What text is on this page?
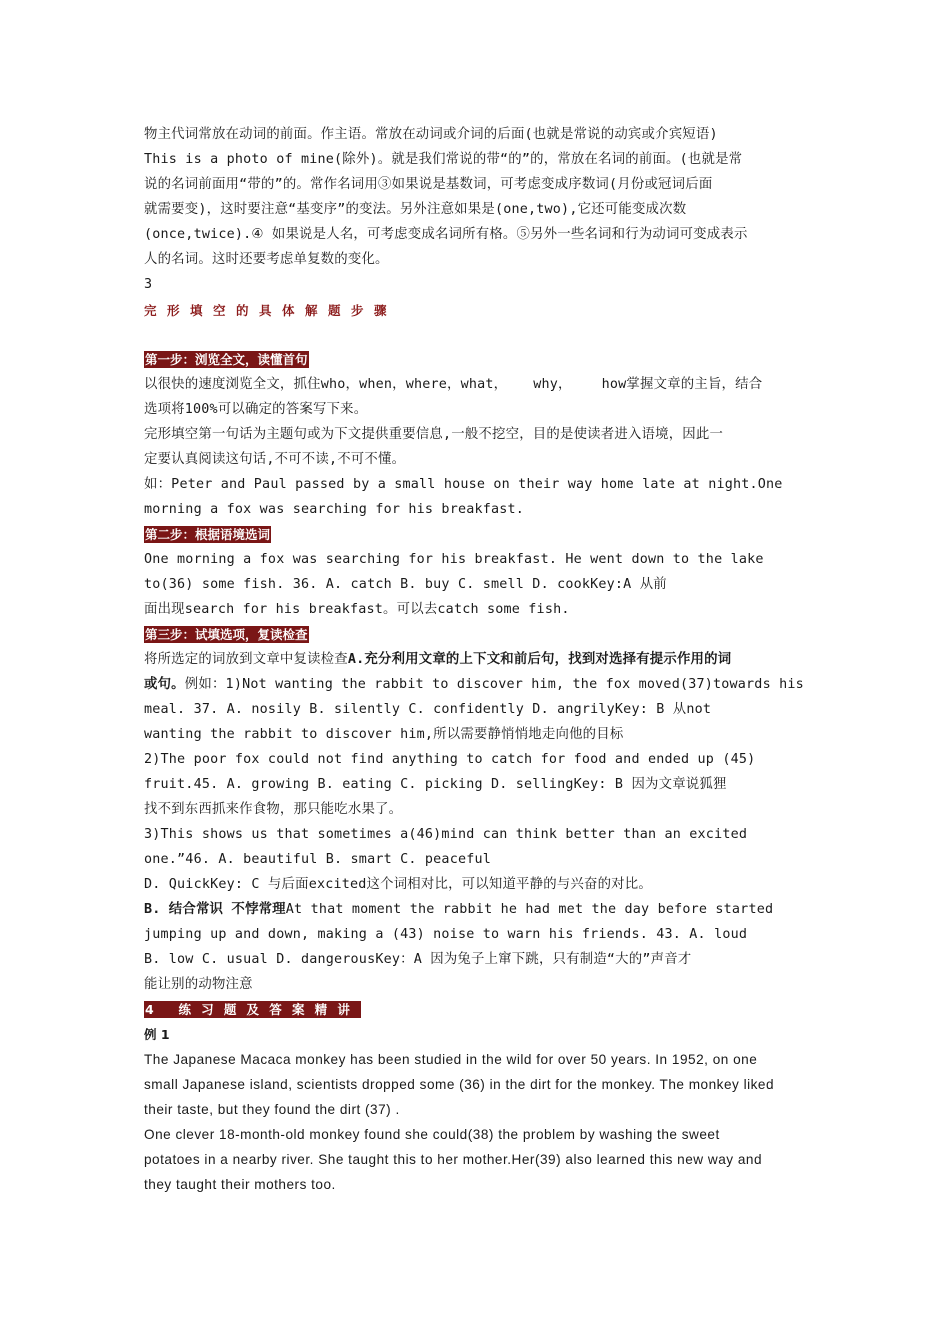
物主代词常放在动词的前面。作主语。常放在动词或介词的后面(也就是常说的动宾或介宾短语)
This is a photo of mine(除外)。就是我们常说的带“的”的，常放在名词的前面。(也就是常
说的名词前面用“带的”的。常作名词用③如果说是基数词，可考虑变成序数词(月份或冠词后面
就需要变)，这时要注意“基变序”的变法。另外注意如果是(one,two),它还可能变成次数
(once,twice).④ 如果说是人名，可考虑变成名词所有格。⑤另外一些名词和行为动词可变成表示
人的名词。这时还要考虑单复数的变化。
3
完形填空的具体解题步骤
第一步：浏览全文，读懂首句
以很快的速度浏览全文，抓住who，when，where，what， why， how掌握文章的主旨，结合
选项将100%可以确定的答案写下来。
完形填空第一句话为主题句或为下文提供重要信息,一般不挖空，目的是使读者进入语境，因此一
定要认真阅读这句话,不可不读,不可不懂。
如：Peter and Paul passed by a small house on their way home late at night.One
morning a fox was searching for his breakfast.
第二步：根据语境选词
One morning a fox was searching for his breakfast. He went down to the lake
to(36) some fish. 36. A. catch B. buy C. smell D. cookKey:A 从前
面出现search for his breakfast。可以去catch some fish.
第三步：试填选项，复读检查
将所选定的词放到文章中复读检查A.充分利用文章的上下文和前后句，找到对选择有提示作用的词
或句。例如：1)Not wanting the rabbit to discover him, the fox moved(37)towards his
meal. 37. A. nosily B. silently C. confidently D. angrilyKey: B 从not
wanting the rabbit to discover him,所以需要静悄悄地走向他的目标
2)The poor fox could not find anything to catch for food and ended up (45)
fruit.45. A. growing B. eating C. picking D. sellingKey: B 因为文章说狐狸
找不到东西抓来作食物，那只能吃水果了。
3)This shows us that sometimes a(46)mind can think better than an excited
one.”46. A. beautiful B. smart C. peaceful
D. QuickKey: C 与后面excited这个词相对比，可以知道平静的与兴奋的对比。
B. 结合常识 不悖常理At that moment the rabbit he had met the day before started
jumping up and down, making a (43) noise to warn his friends. 43. A. loud
B. low C. usual D. dangerousKey：A 因为兔子上窜下跳，只有制造“大的”声音才
能让别的动物注意
4 练习题及答案精讲
例 1
The Japanese Macaca monkey has been studied in the wild for over 50 years. In 1952, on one
small Japanese island, scientists dropped some (36) in the dirt for the monkey. The monkey liked
their taste, but they found the dirt (37) .
One clever 18-month-old monkey found she could(38) the problem by washing the sweet
potatoes in a nearby river. She taught this to her mother.Her(39) also learned this new way and
they taught their mothers too.
